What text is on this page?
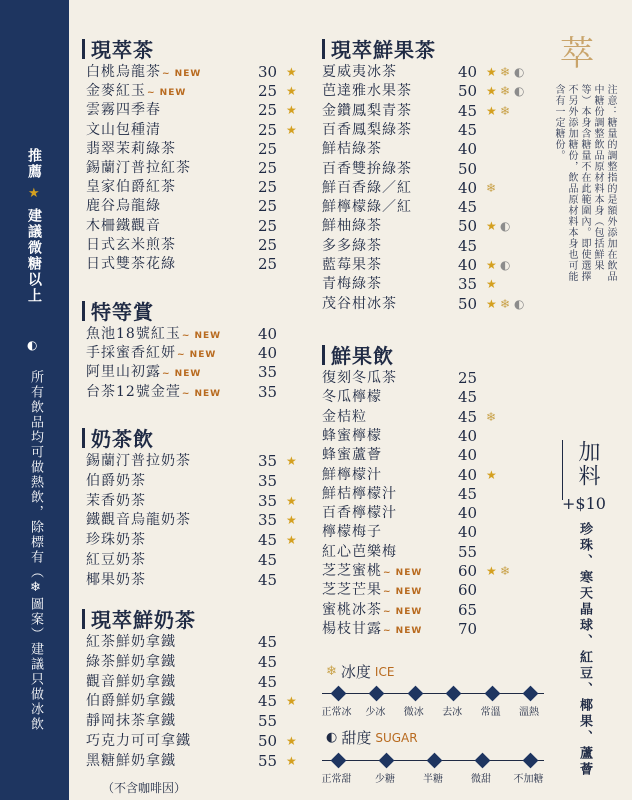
推薦
★
建議微糖以上
◐
所有飲品均可做熱飲，除標有（❄圖案）建議只做冰飲
現萃茶
特等賞
奶茶飲
現萃鮮奶茶
現萃鮮果茶
鮮果飲
白桃烏龍茶~ NEW	30 ★
金麥紅玉~ NEW	25 ★
雲霧四季春	25 ★
文山包種清	25 ★
翡翠茉莉綠茶	25
錫蘭汀普拉紅茶	25
皇家伯爵紅茶	25
鹿谷烏龍綠	25
木柵鐵觀音	25
日式玄米煎茶	25
日式雙茶花綠	25
魚池18號紅玉~ NEW 40
手採蜜香紅妍~ NEW	40
阿里山初露~ NEW	35
台茶12號金萱~ NEW 35
錫蘭汀普拉奶茶	35 ★
伯爵奶茶	35
茉香奶茶	35 ★
鐵觀音烏龍奶茶	35 ★
珍珠奶茶	45 ★
紅豆奶茶	45
椰果奶茶	45
紅茶鮮奶拿鐵	45
綠茶鮮奶拿鐵	45
觀音鮮奶拿鐵	45
伯爵鮮奶拿鐵	45 ★
靜岡抹茶拿鐵	55
巧克力可可拿鐵	50 ★
黑糖鮮奶拿鐵	55 ★
夏威夷冰茶	40 ★ ❄ ◐
芭達雅水果茶	50 ★ ❄ ◐
金鑽鳳梨青茶	45 ★ ❄
百香鳳梨綠茶	45
鮮桔綠茶	40
百香雙拚綠茶	50
鮮百香綠／紅	40 ❄
鮮檸檬綠／紅	45
鮮柚綠茶	50 ★ ◐
多多綠茶	45
藍莓果茶	40 ★ ◐
青梅綠茶	35 ★
茂谷柑冰茶	50 ★ ❄ ◐
復刻冬瓜茶	25
冬瓜檸檬	45
金桔粒	45 ❄
蜂蜜檸檬	40
蜂蜜蘆薈	40
鮮檸檬汁	40 ★
鮮桔檸檬汁	45
百香檸檬汁	40
檸檬梅子	40
紅心芭樂梅	55
芝芝蜜桃~ NEW 60 ★ ❄
芝芝芒果~ NEW 60
蜜桃冰茶~ NEW 65
楊枝甘露~ NEW 70
（不含咖啡因）
❄ 冰度 ICE
正常冰 少冰 微冰 去冰 常溫 溫熱
◐ 甜度 SUGAR
正常甜 少糖	半糖	微甜 不加糖
萃
注意：糖量的調整指的是額外添加在飲品中糖份調整飲品原材料本身（包括鮮果等）本身含糖量不在此範圍內。即使選擇不另外添加糖份，飲品原材料本身也可能含有一定糖份。
加料
+$10
珍珠、寒天晶球、紅豆、椰果、蘆薈
